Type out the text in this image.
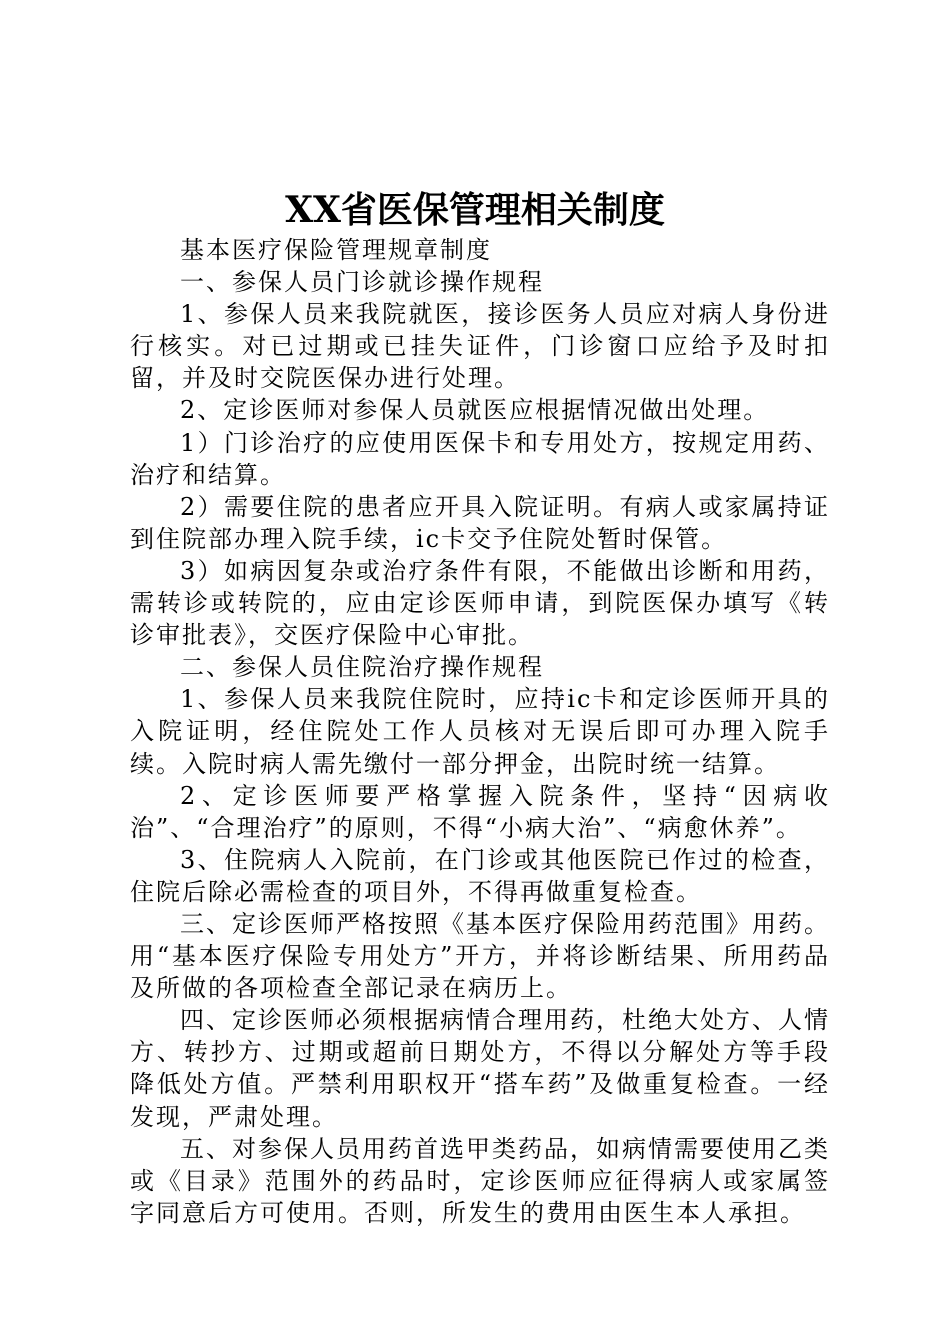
XX省医保管理相关制度

基本医疗保险管理规章制度

一、参保人员门诊就诊操作规程

1、参保人员来我院就医，接诊医务人员应对病人身份进行核实。对已过期或已挂失证件，门诊窗口应给予及时扣留，并及时交院医保办进行处理。

2、定诊医师对参保人员就医应根据情况做出处理。

1）门诊治疗的应使用医保卡和专用处方，按规定用药、治疗和结算。

2）需要住院的患者应开具入院证明。有病人或家属持证到住院部办理入院手续，ic卡交予住院处暂时保管。

3）如病因复杂或治疗条件有限，不能做出诊断和用药，需转诊或转院的，应由定诊医师申请，到院医保办填写《转诊审批表》，交医疗保险中心审批。

二、参保人员住院治疗操作规程

1、参保人员来我院住院时，应持ic卡和定诊医师开具的入院证明，经住院处工作人员核对无误后即可办理入院手续。入院时病人需先缴付一部分押金，出院时统一结算。

2、定诊医师要严格掌握入院条件，坚持“因病收治”、“合理治疗”的原则，不得“小病大治”、“病愈休养”。

3、住院病人入院前，在门诊或其他医院已作过的检查，住院后除必需检查的项目外，不得再做重复检查。

三、定诊医师严格按照《基本医疗保险用药范围》用药。用“基本医疗保险专用处方”开方，并将诊断结果、所用药品及所做的各项检查全部记录在病历上。

四、定诊医师必须根据病情合理用药，杜绝大处方、人情方、转抄方、过期或超前日期处方，不得以分解处方等手段降低处方值。严禁利用职权开“搭车药”及做重复检查。一经发现，严肃处理。

五、对参保人员用药首选甲类药品，如病情需要使用乙类或《目录》范围外的药品时，定诊医师应征得病人或家属签字同意后方可使用。否则，所发生的费用由医生本人承担。
